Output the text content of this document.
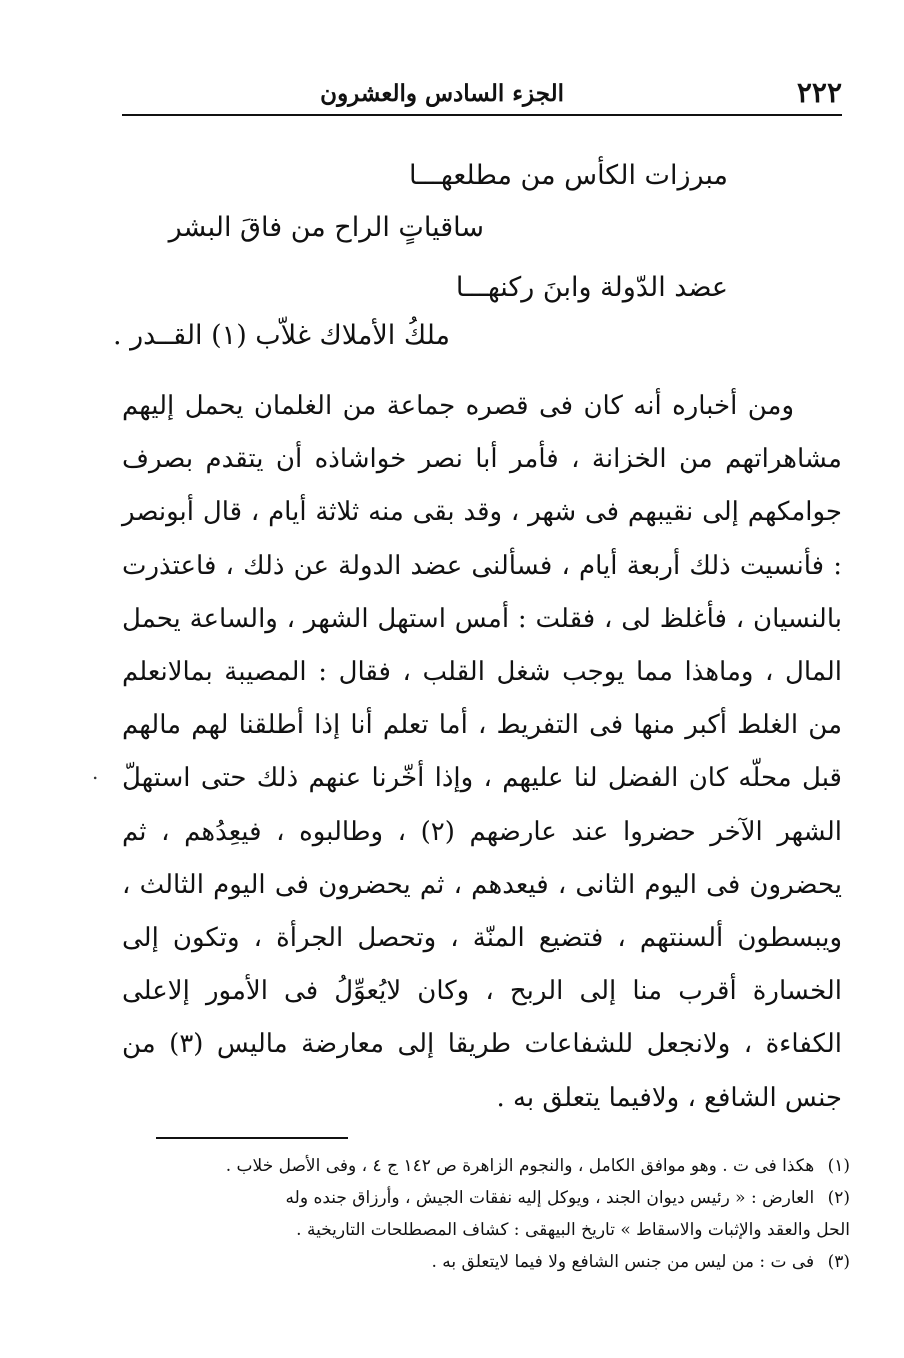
٢٢٢
الجزء السادس والعشرون
مبرزات الكأس من مطلعهـــا
ساقياتٍ الراح من فاقَ البشر
عضد الدّولة وابنَ ركنهـــا
ملكُ الأملاك غلاّب (١) القــدر .

ومن أخباره أنه كان فى قصره جماعة من الغلمان يحمل إليهم مشاهراتهم من الخزانة ، فأمر أبا نصر خواشاذه أن يتقدم بصرف جوامكهم إلى نقيبهم فى شهر ، وقد بقى منه ثلاثة أيام ، قال أبونصر : فأنسيت ذلك أربعة أيام ، فسألنى عضد الدولة عن ذلك ، فاعتذرت بالنسيان ، فأغلظ لى ، فقلت : أمس استهل الشهر ، والساعة يحمل المال ، وماهذا مما يوجب شغل القلب ، فقال : المصيبة بمالانعلم من الغلط أكبر منها فى التفريط ، أما تعلم أنا إذا أطلقنا لهم مالهم قبل محلّه كان الفضل لنا عليهم ، وإذا أخّرنا عنهم ذلك حتى استهلّ الشهر الآخر حضروا عند عارضهم (٢) ، وطالبوه ، فيعِدُهم ، ثم يحضرون فى اليوم الثانى ، فيعدهم ، ثم يحضرون فى اليوم الثالث ، ويبسطون ألسنتهم ، فتضيع المنّة ، وتحصل الجرأة ، وتكون إلى الخسارة أقرب منا إلى الربح ، وكان لايُعوِّلُ فى الأمور إلاعلى الكفاءة ، ولانجعل للشفاعات طريقا إلى معارضة ماليس (٣) من جنس الشافع ، ولافيما يتعلق به .

.

(١) هكذا فى ت . وهو موافق الكامل ، والنجوم الزاهرة ص ١٤٢ ج ٤ ، وفى الأصل خلاب .

(٢) العارض : « رئيس ديوان الجند ، ويوكل إليه نفقات الجيش ، وأرزاق جنده وله

الحل والعقد والإثبات والاسقاط » تاريخ البيهقى : كشاف المصطلحات التاريخية .

(٣) فى ت : من ليس من جنس الشافع ولا فيما لايتعلق به .
